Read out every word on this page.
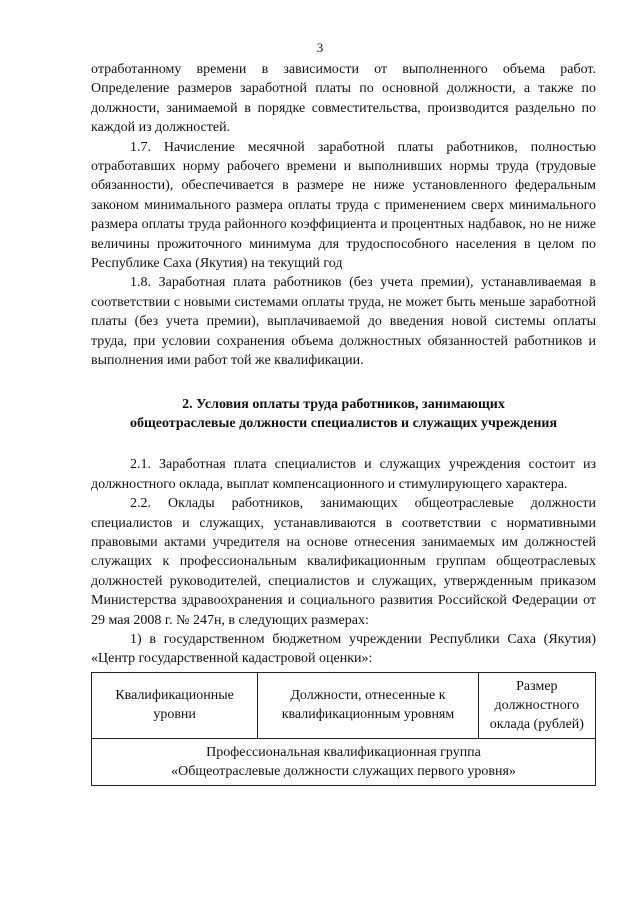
3

отработанному времени в зависимости от выполненного объема работ. Определение размеров заработной платы по основной должности, а также по должности, занимаемой в порядке совместительства, производится раздельно по каждой из должностей.

1.7. Начисление месячной заработной платы работников, полностью отработавших норму рабочего времени и выполнивших нормы труда (трудовые обязанности), обеспечивается в размере не ниже установленного федеральным законом минимального размера оплаты труда с применением сверх минимального размера оплаты труда районного коэффициента и процентных надбавок, но не ниже величины прожиточного минимума для трудоспособного населения в целом по Республике Саха (Якутия) на текущий год

1.8. Заработная плата работников (без учета премии), устанавливаемая в соответствии с новыми системами оплаты труда, не может быть меньше заработной платы (без учета премии), выплачиваемой до введения новой системы оплаты труда, при условии сохранения объема должностных обязанностей работников и выполнения ими работ той же квалификации.

2. Условия оплаты труда работников, занимающих
общеотраслевые должности специалистов и служащих учреждения

2.1. Заработная плата специалистов и служащих учреждения состоит из должностного оклада, выплат компенсационного и стимулирующего характера.

2.2. Оклады работников, занимающих общеотраслевые должности специалистов и служащих, устанавливаются в соответствии с нормативными правовыми актами учредителя на основе отнесения занимаемых им должностей служащих к профессиональным квалификационным группам общеотраслевых должностей руководителей, специалистов и служащих, утвержденным приказом Министерства здравоохранения и социального развития Российской Федерации от 29 мая 2008 г. № 247н, в следующих размерах:

1) в государственном бюджетном учреждении Республики Саха (Якутия) «Центр государственной кадастровой оценки»:

Квалификационные уровни	Должности, отнесенные к квалификационным уровням	Размер должностного оклада (рублей)

Профессиональная квалификационная группа
«Общеотраслевые должности служащих первого уровня»
